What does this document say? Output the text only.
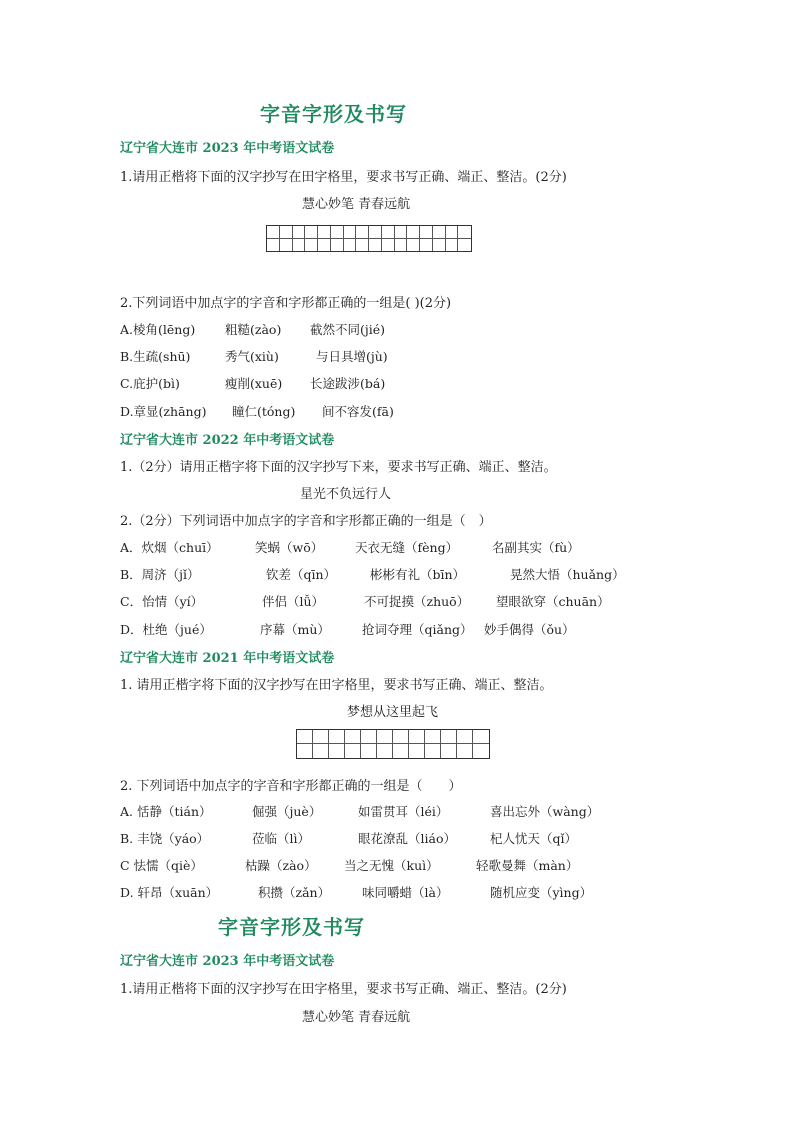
字音字形及书写
辽宁省大连市 2023 年中考语文试卷
1.请用正楷将下面的汉字抄写在田字格里，要求书写正确、端正、整洁。(2分)
慧心妙笔 青春远航
2.下列词语中加点字的字音和字形都正确的一组是( )(2分)
A.棱角(lēng) 粗糙(zào) 截然不同(jié)
B.生疏(shū)	秀气(xiù)	与日具增(jù)
C.庇护(bì)	瘦削(xuē) 长途跋涉(bá)
D.章显(zhāng) 瞳仁(tóng) 间不容发(fā)
辽宁省大连市 2022 年中考语文试卷
1.（2分）请用正楷字将下面的汉字抄写下来，要求书写正确、端正、整洁。
星光不负远行人
2.（2分）下列词语中加点字的字音和字形都正确的一组是（　）
A．炊烟（chuī）	笑蜗（wō）	天衣无缝（fèng）	名副其实（fù）
B．周济（jǐ）	钦差（qīn）	彬彬有礼（bīn）	晃然大悟（huǎng）
C．怡情（yí）	伴侣（lǚ）	不可捉摸（zhuō） 望眼欲穿（chuān）
D．杜绝（jué）	序幕（mù）	抢词夺理（qiǎng） 妙手偶得（ǒu）
辽宁省大连市 2021 年中考语文试卷
1. 请用正楷字将下面的汉字抄写在田字格里，要求书写正确、端正、整洁。
梦想从这里起飞
2. 下列词语中加点字的字音和字形都正确的一组是（　　）
A. 恬静（tián）	倔强（juè）	如雷贯耳（léi）	喜出忘外（wàng）
B. 丰饶（yáo）	莅临（lì）	眼花潦乱（liáo）	杞人忧天（qǐ）
C 怯懦（qiè）	枯躁（zào） 当之无愧（kuì）	轻歌曼舞（màn）
D. 轩昂（xuān）	积攒（zǎn）	味同嚼蜡（là）	随机应变（yìng）
字音字形及书写
辽宁省大连市 2023 年中考语文试卷
1.请用正楷将下面的汉字抄写在田字格里，要求书写正确、端正、整洁。(2分)
慧心妙笔 青春远航
